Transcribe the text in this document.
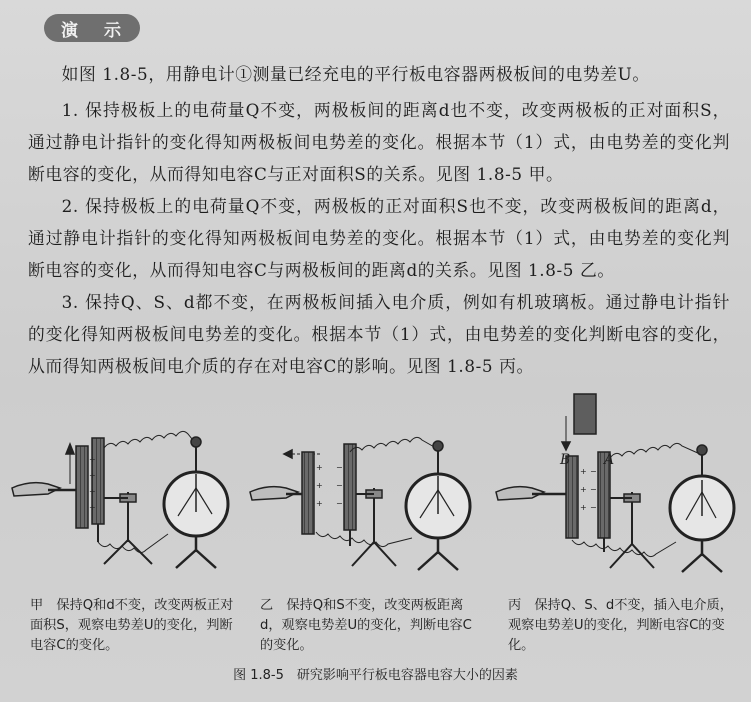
演 示
如图 1.8-5，用静电计①测量已经充电的平行板电容器两极板间的电势差U。
1. 保持极板上的电荷量Q不变，两极板间的距离d也不变，改变两极板的正对面积S，通过静电计指针的变化得知两极板间电势差的变化。根据本节（1）式，由电势差的变化判断电容的变化，从而得知电容C与正对面积S的关系。见图 1.8-5 甲。
2. 保持极板上的电荷量Q不变，两极板的正对面积S也不变，改变两极板间的距离d，通过静电计指针的变化得知两极板间电势差的变化。根据本节（1）式，由电势差的变化判断电容的变化，从而得知电容C与两极板间的距离d的关系。见图 1.8-5 乙。
3. 保持Q、S、d都不变，在两极板间插入电介质，例如有机玻璃板。通过静电计指针的变化得知两极板间电势差的变化。根据本节（1）式，由电势差的变化判断电容的变化，从而得知两极板间电介质的存在对电容C的影响。见图 1.8-5 丙。
+
+
+
+
+
+
+
−
−
−
+
+
+
−
−
−
B A
甲　保持Q和d不变，改变两板正对面积S，观察电势差U的变化，判断电容C的变化。
乙　保持Q和S不变，改变两板距离d，观察电势差U的变化，判断电容C的变化。
丙　保持Q、S、d不变，插入电介质，观察电势差U的变化，判断电容C的变化。
图 1.8-5　研究影响平行板电容器电容大小的因素
